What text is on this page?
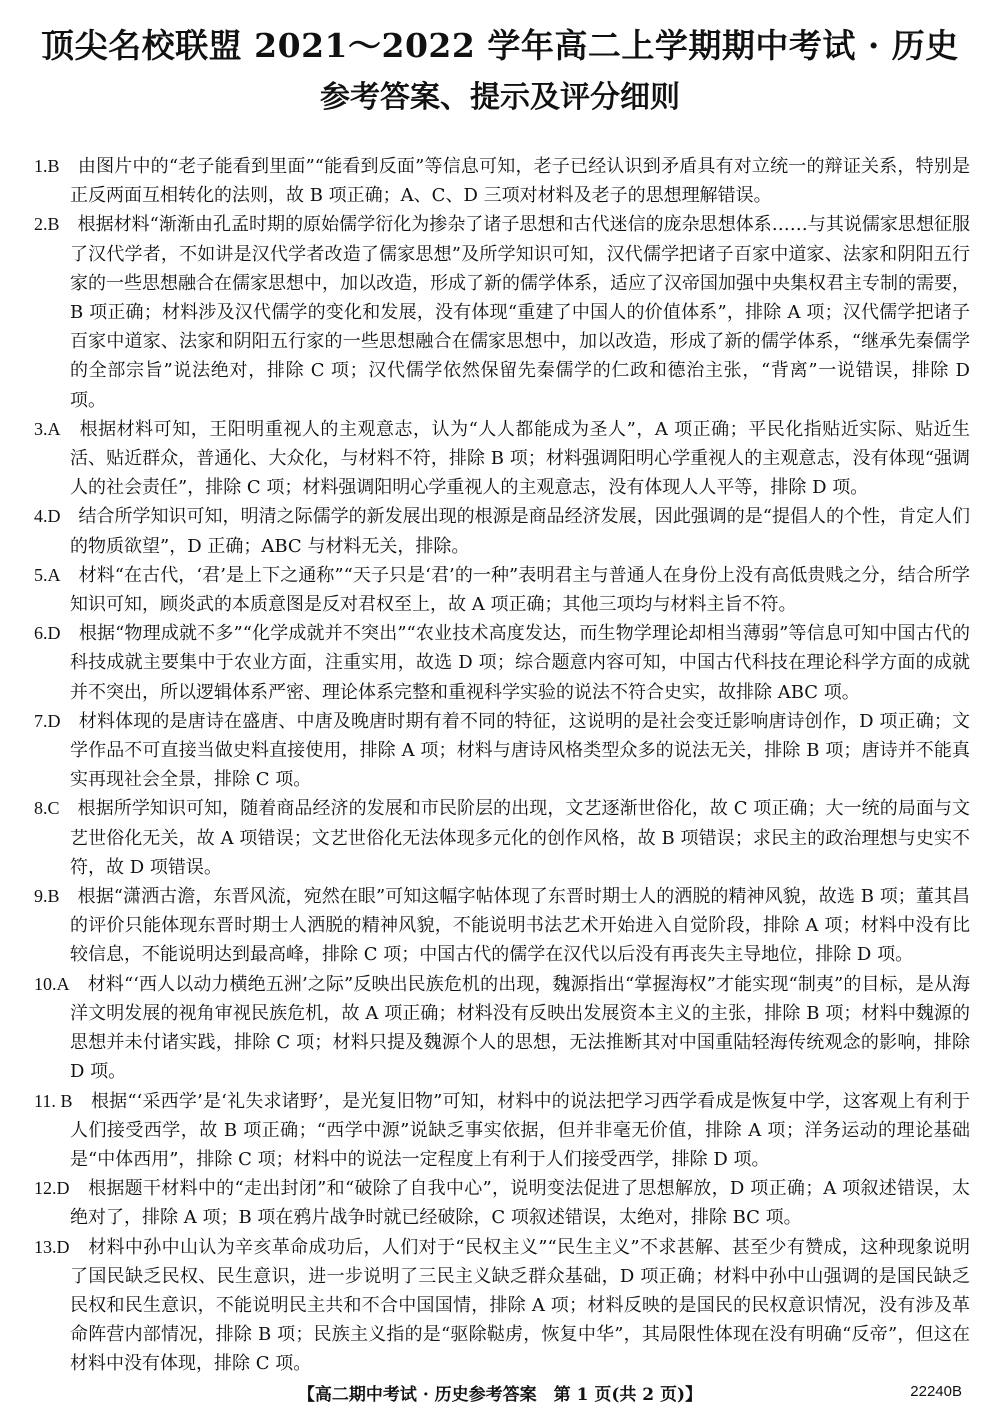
顶尖名校联盟 2021～2022 学年高二上学期期中考试 · 历史
参考答案、提示及评分细则
1.B　 由图片中的“老子能看到里面”“能看到反面”等信息可知，老子已经认识到矛盾具有对立统一的辩证关系，特别是正反两面互相转化的法则，故 B 项正确；A、C、D 三项对材料及老子的思想理解错误。
2.B　 根据材料“渐渐由孔孟时期的原始儒学衍化为掺杂了诸子思想和古代迷信的庞杂思想体系……与其说儒家思想征服了汉代学者，不如讲是汉代学者改造了儒家思想”及所学知识可知，汉代儒学把诸子百家中道家、法家和阴阳五行家的一些思想融合在儒家思想中，加以改造，形成了新的儒学体系，适应了汉帝国加强中央集权君主专制的需要，B 项正确；材料涉及汉代儒学的变化和发展，没有体现“重建了中国人的价值体系”，排除 A 项；汉代儒学把诸子百家中道家、法家和阴阳五行家的一些思想融合在儒家思想中，加以改造，形成了新的儒学体系，“继承先秦儒学的全部宗旨”说法绝对，排除 C 项；汉代儒学依然保留先秦儒学的仁政和德治主张，“背离”一说错误，排除 D 项。
3.A　 根据材料可知，王阳明重视人的主观意志，认为“人人都能成为圣人”，A 项正确；平民化指贴近实际、贴近生活、贴近群众，普通化、大众化，与材料不符，排除 B 项；材料强调阳明心学重视人的主观意志，没有体现“强调人的社会责任”，排除 C 项；材料强调阳明心学重视人的主观意志，没有体现人人平等，排除 D 项。
4.D　 结合所学知识可知，明清之际儒学的新发展出现的根源是商品经济发展，因此强调的是“提倡人的个性，肯定人们的物质欲望”，D 正确；ABC 与材料无关，排除。
5.A　 材料“在古代，‘君’是上下之通称”“天子只是‘君’的一种”表明君主与普通人在身份上没有高低贵贱之分，结合所学知识可知，顾炎武的本质意图是反对君权至上，故 A 项正确；其他三项均与材料主旨不符。
6.D　 根据“物理成就不多”“化学成就并不突出”“农业技术高度发达，而生物学理论却相当薄弱”等信息可知中国古代的科技成就主要集中于农业方面，注重实用，故选 D 项；综合题意内容可知，中国古代科技在理论科学方面的成就并不突出，所以逻辑体系严密、理论体系完整和重视科学实验的说法不符合史实，故排除 ABC 项。
7.D　 材料体现的是唐诗在盛唐、中唐及晚唐时期有着不同的特征，这说明的是社会变迁影响唐诗创作，D 项正确；文学作品不可直接当做史料直接使用，排除 A 项；材料与唐诗风格类型众多的说法无关，排除 B 项；唐诗并不能真实再现社会全景，排除 C 项。
8.C　 根据所学知识可知，随着商品经济的发展和市民阶层的出现，文艺逐渐世俗化，故 C 项正确；大一统的局面与文艺世俗化无关，故 A 项错误；文艺世俗化无法体现多元化的创作风格，故 B 项错误；求民主的政治理想与史实不符，故 D 项错误。
9.B　 根据“潇洒古澹，东晋风流，宛然在眼”可知这幅字帖体现了东晋时期士人的洒脱的精神风貌，故选 B 项；董其昌的评价只能体现东晋时期士人洒脱的精神风貌，不能说明书法艺术开始进入自觉阶段，排除 A 项；材料中没有比较信息，不能说明达到最高峰，排除 C 项；中国古代的儒学在汉代以后没有再丧失主导地位，排除 D 项。
10.A　 材料“‘西人以动力横绝五洲’之际”反映出民族危机的出现，魏源指出“掌握海权”才能实现“制夷”的目标，是从海洋文明发展的视角审视民族危机，故 A 项正确；材料没有反映出发展资本主义的主张，排除 B 项；材料中魏源的思想并未付诸实践，排除 C 项；材料只提及魏源个人的思想，无法推断其对中国重陆轻海传统观念的影响，排除 D 项。
11. B　 根据“‘采西学’是‘礼失求诸野’，是光复旧物”可知，材料中的说法把学习西学看成是恢复中学，这客观上有利于人们接受西学，故 B 项正确；“西学中源”说缺乏事实依据，但并非毫无价值，排除 A 项；洋务运动的理论基础是“中体西用”，排除 C 项；材料中的说法一定程度上有利于人们接受西学，排除 D 项。
12.D　 根据题干材料中的“走出封闭”和“破除了自我中心”，说明变法促进了思想解放，D 项正确；A 项叙述错误，太绝对了，排除 A 项；B 项在鸦片战争时就已经破除，C 项叙述错误，太绝对，排除 BC 项。
13.D　 材料中孙中山认为辛亥革命成功后，人们对于“民权主义”“民生主义”不求甚解、甚至少有赞成，这种现象说明了国民缺乏民权、民生意识，进一步说明了三民主义缺乏群众基础，D 项正确；材料中孙中山强调的是国民缺乏民权和民生意识，不能说明民主共和不合中国国情，排除 A 项；材料反映的是国民的民权意识情况，没有涉及革命阵营内部情况，排除 B 项；民族主义指的是“驱除鞑虏，恢复中华”，其局限性体现在没有明确“反帝”，但这在材料中没有体现，排除 C 项。
【高二期中考试 · 历史参考答案　第 1 页(共 2 页)】	22240B
